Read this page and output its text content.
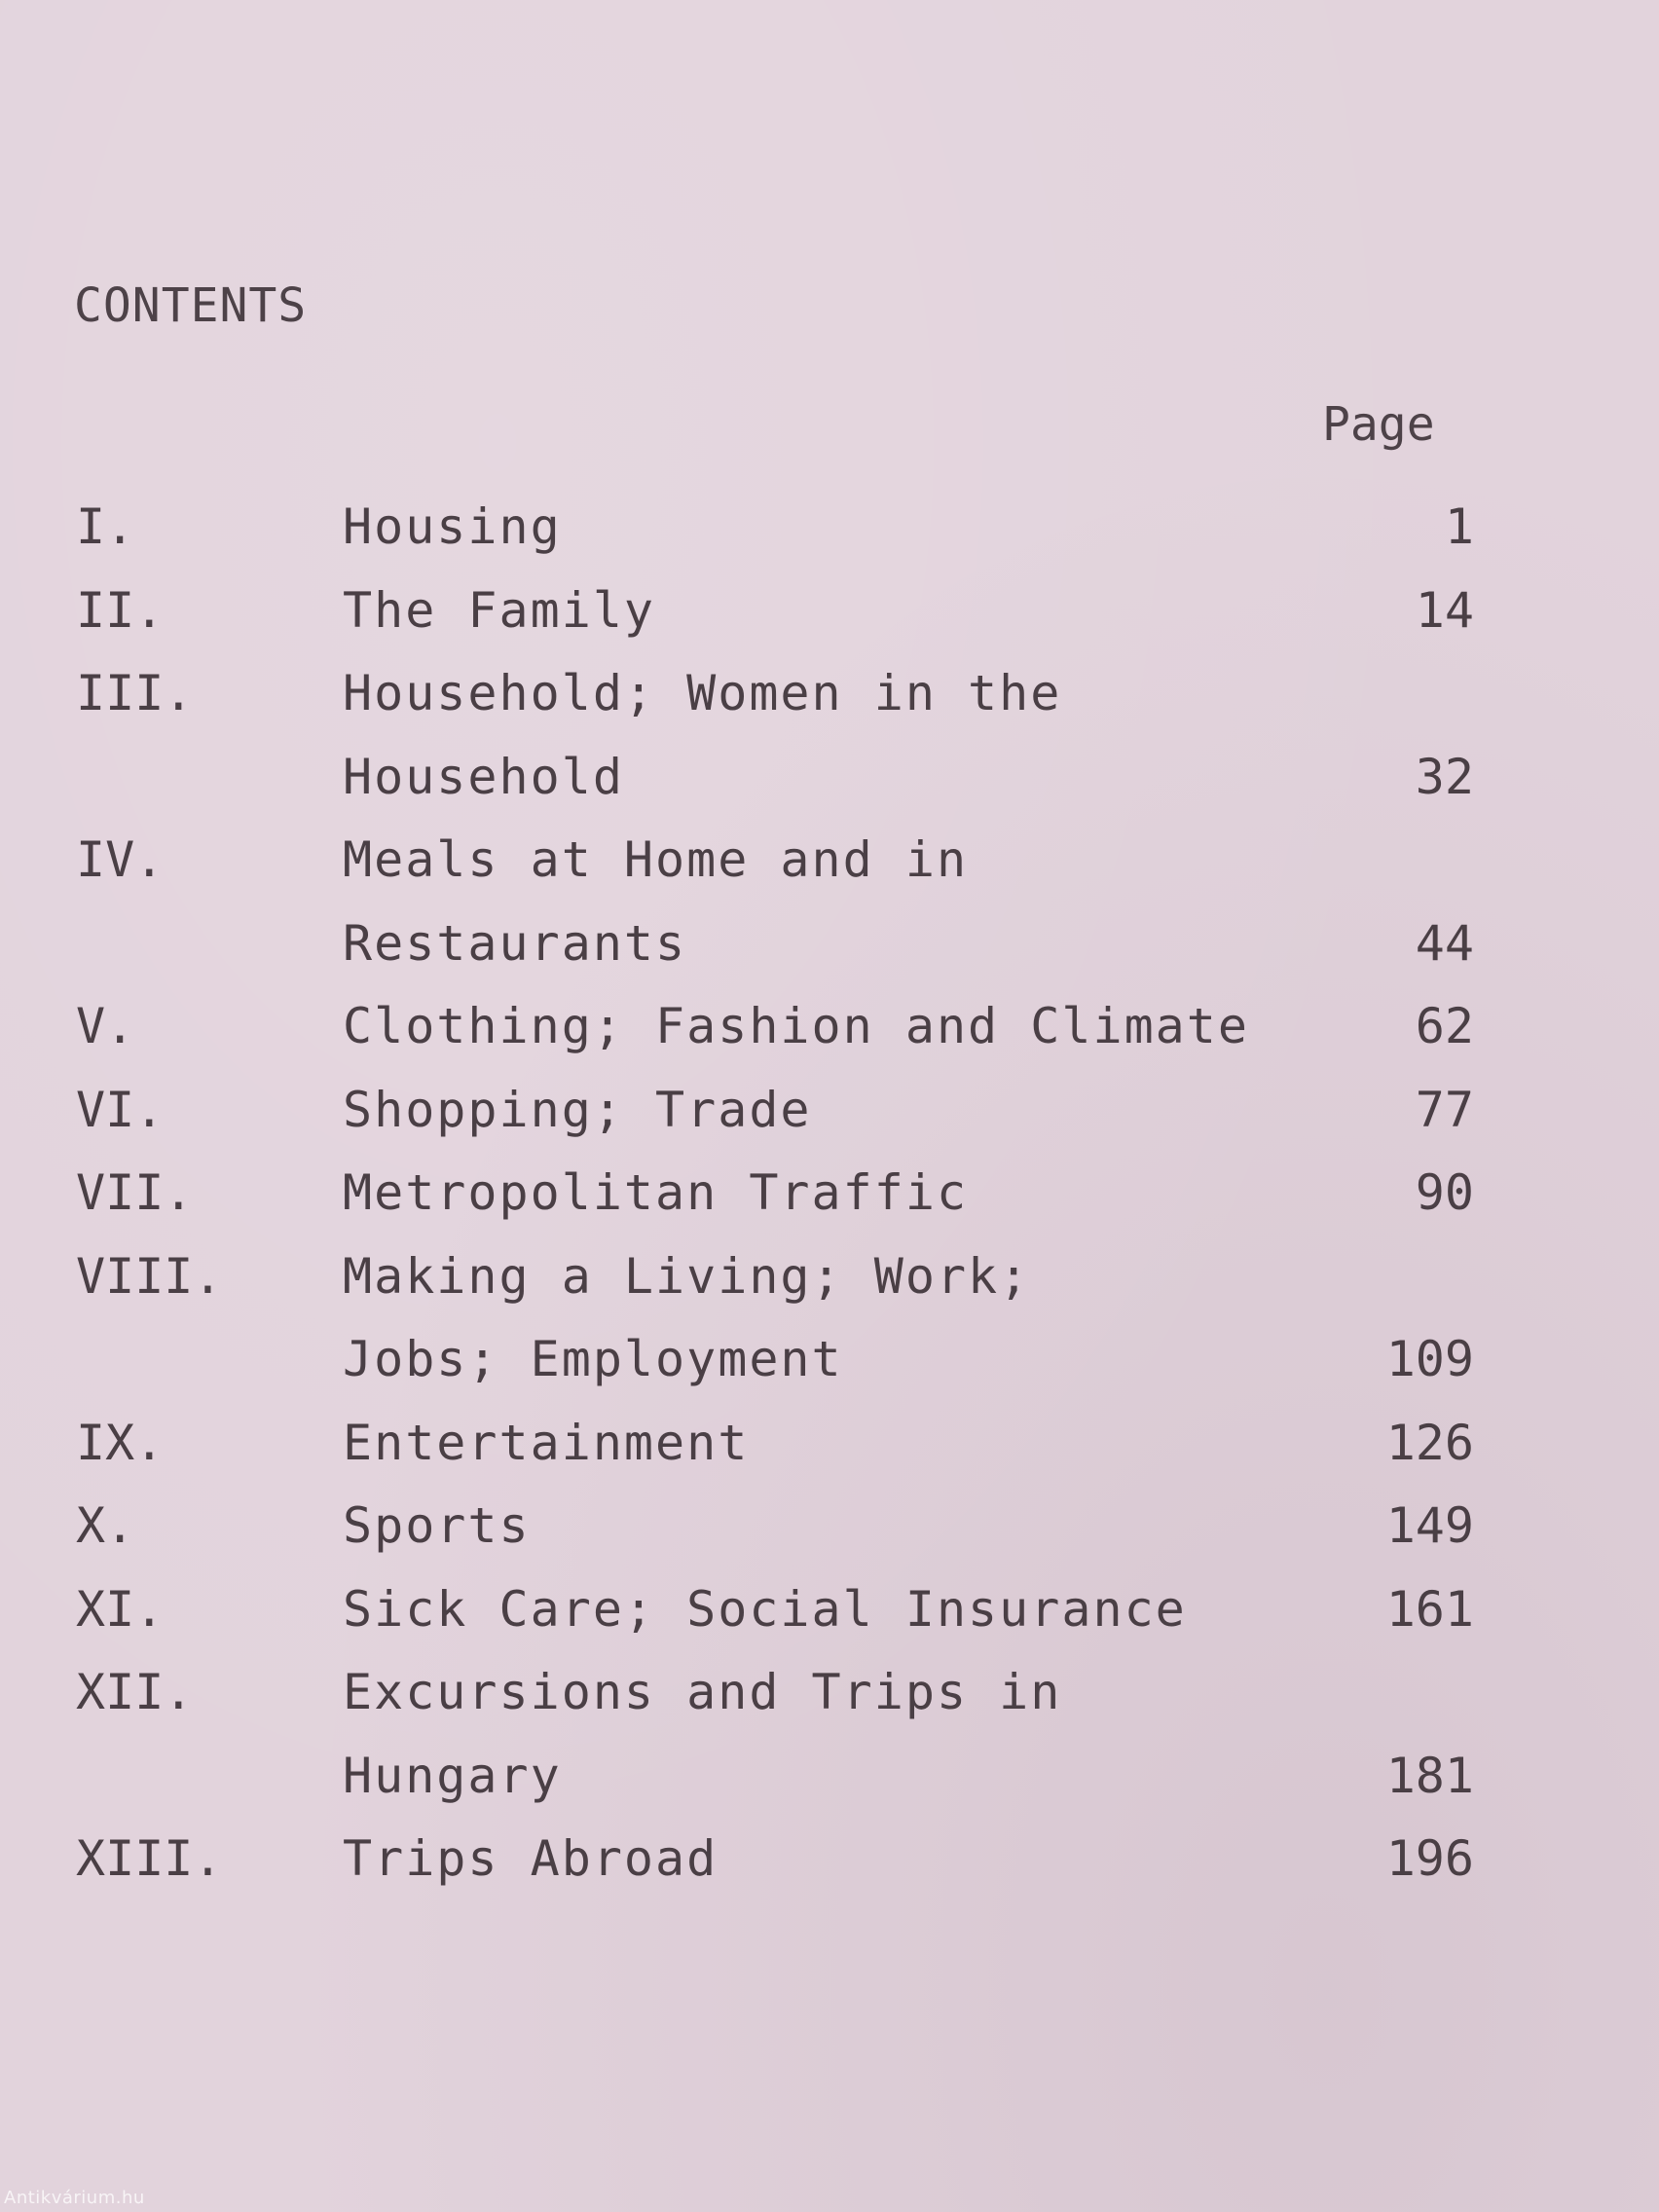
CONTENTS
Page
I.	Housing	1
II.	The Family	14
III.	Household; Women in the
Household	32
IV.	Meals at Home and in
Restaurants	44
V.	Clothing; Fashion and Climate	62
VI.	Shopping; Trade	77
VII.	Metropolitan Traffic	90
VIII.	Making a Living; Work;
Jobs; Employment	109
IX.	Entertainment	126
X.	Sports	149
XI.	Sick Care; Social Insurance	161
XII.	Excursions and Trips in
Hungary	181
XIII.	Trips Abroad	196
Antikvárium.hu
